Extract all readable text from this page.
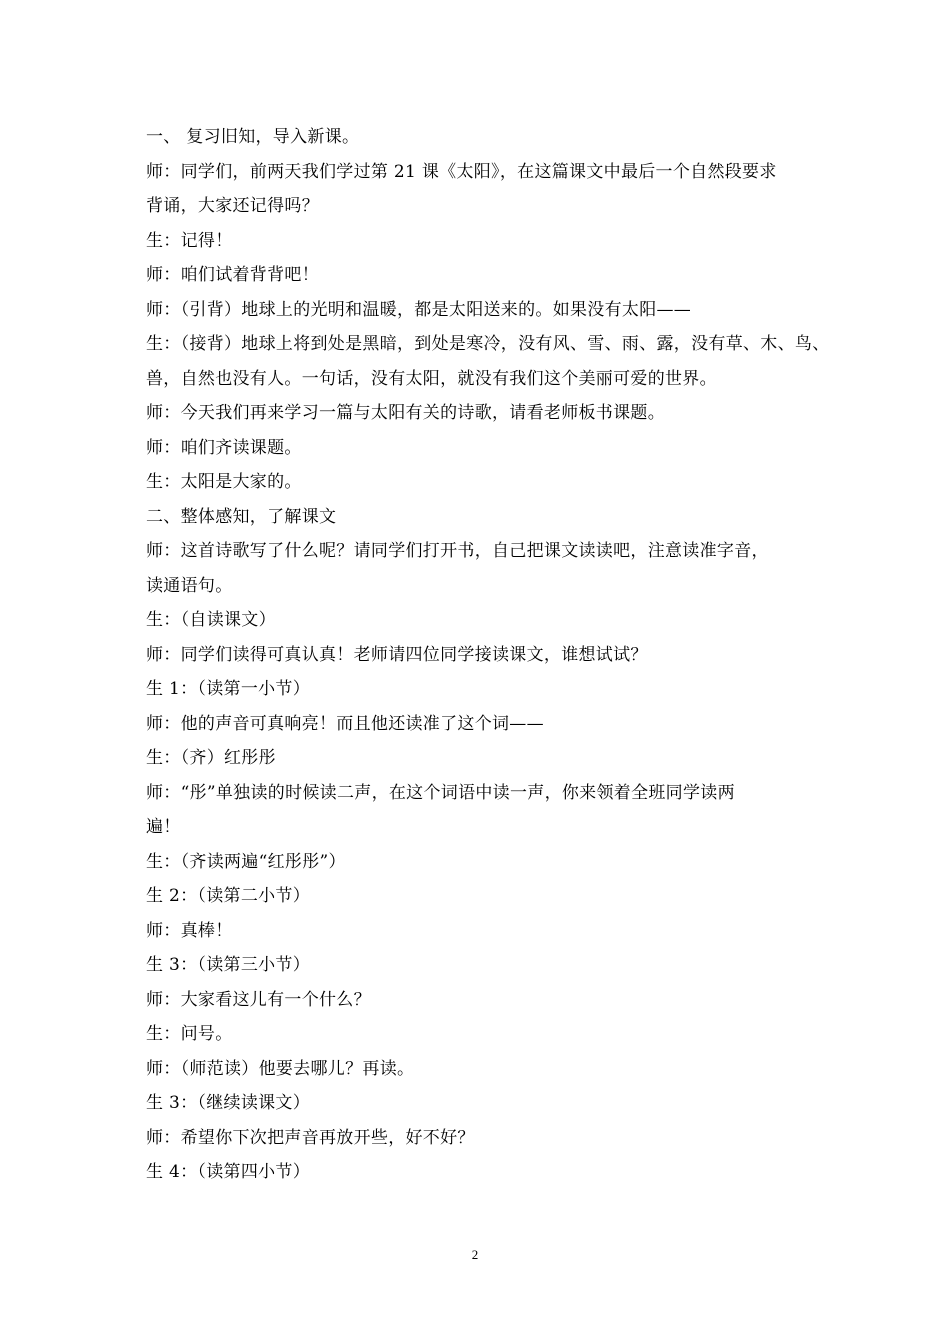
一、 复习旧知，导入新课。
师：同学们，前两天我们学过第 21 课《太阳》，在这篇课文中最后一个自然段要求
背诵，大家还记得吗？
生：记得！
师：咱们试着背背吧！
师：（引背）地球上的光明和温暖，都是太阳送来的。如果没有太阳——
生：（接背）地球上将到处是黑暗，到处是寒冷，没有风、雪、雨、露，没有草、木、鸟、
兽，自然也没有人。一句话，没有太阳，就没有我们这个美丽可爱的世界。
师：今天我们再来学习一篇与太阳有关的诗歌，请看老师板书课题。
师：咱们齐读课题。
生：太阳是大家的。
二、整体感知，了解课文
师：这首诗歌写了什么呢？请同学们打开书，自己把课文读读吧，注意读准字音，
读通语句。
生：（自读课文）
师：同学们读得可真认真！老师请四位同学接读课文，谁想试试？
生 1：（读第一小节）
师：他的声音可真响亮！而且他还读准了这个词——
生：（齐）红彤彤
师：“彤”单独读的时候读二声，在这个词语中读一声，你来领着全班同学读两
遍！
生：（齐读两遍“红彤彤”）
生 2：（读第二小节）
师：真棒！
生 3：（读第三小节）
师：大家看这儿有一个什么？
生：问号。
师：（师范读）他要去哪儿？再读。
生 3：（继续读课文）
师：希望你下次把声音再放开些，好不好？
生 4：（读第四小节）
2
